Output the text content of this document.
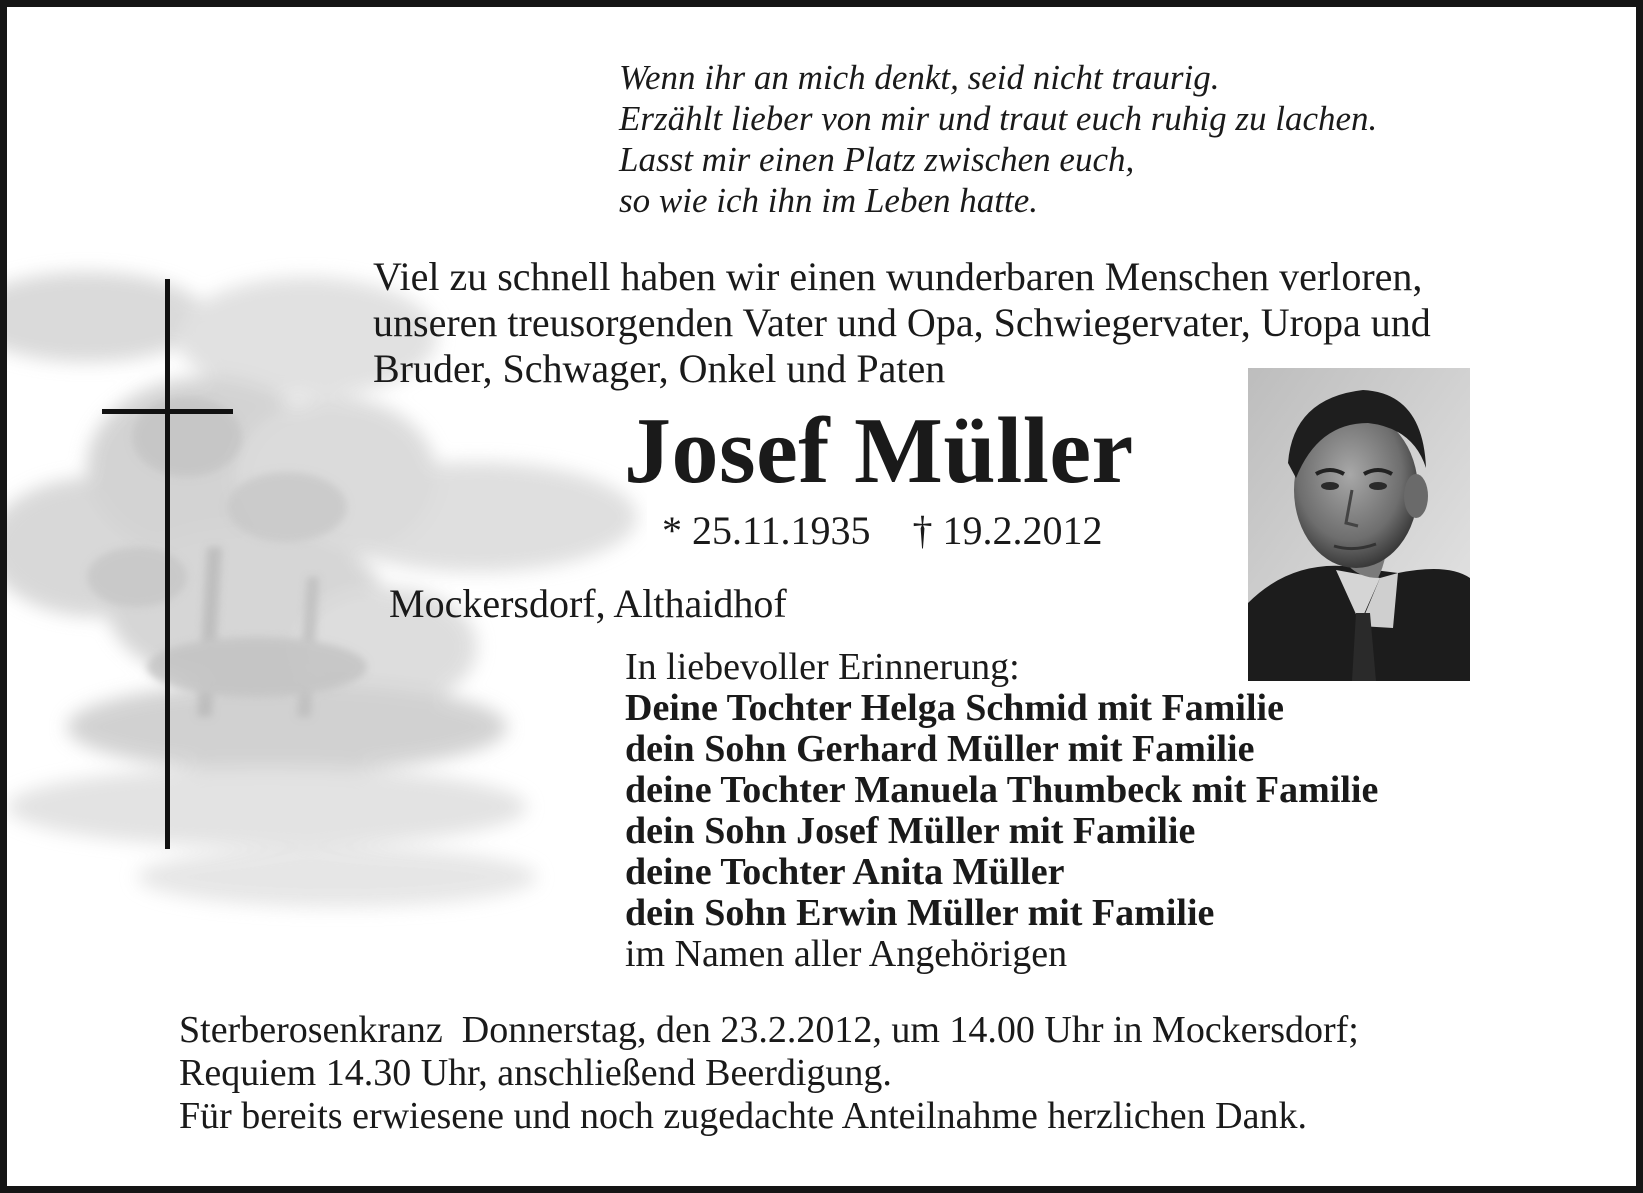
Wenn ihr an mich denkt, seid nicht traurig.
Erzählt lieber von mir und traut euch ruhig zu lachen.
Lasst mir einen Platz zwischen euch,
so wie ich ihn im Leben hatte.
Viel zu schnell haben wir einen wunderbaren Menschen verloren,
unseren treusorgenden Vater und Opa, Schwiegervater, Uropa und
Bruder, Schwager, Onkel und Paten
Josef Müller
* 25.11.1935 † 19.2.2012
Mockersdorf, Althaidhof
In liebevoller Erinnerung:
Deine Tochter Helga Schmid mit Familie
dein Sohn Gerhard Müller mit Familie
deine Tochter Manuela Thumbeck mit Familie
dein Sohn Josef Müller mit Familie
deine Tochter Anita Müller
dein Sohn Erwin Müller mit Familie
im Namen aller Angehörigen
Sterberosenkranz  Donnerstag, den 23.2.2012, um 14.00 Uhr in Mockersdorf;
Requiem 14.30 Uhr, anschließend Beerdigung.
Für bereits erwiesene und noch zugedachte Anteilnahme herzlichen Dank.
